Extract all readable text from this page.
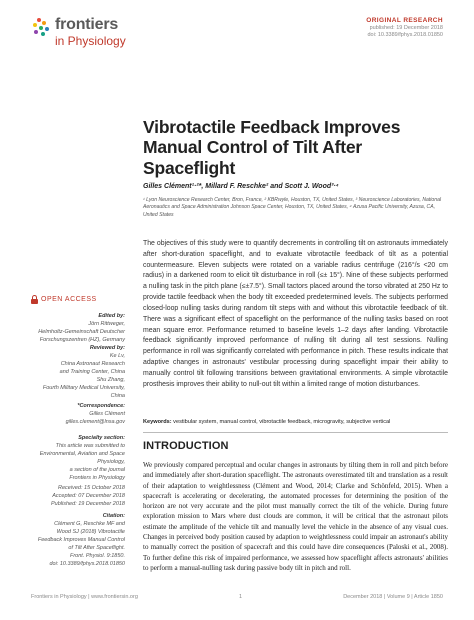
frontiers
in Physiology
ORIGINAL RESEARCH
published: 19 December 2018
doi: 10.3389/fphys.2018.01850
Vibrotactile Feedback Improves Manual Control of Tilt After Spaceflight
Gilles Clément¹·²*, Millard F. Reschke² and Scott J. Wood³·⁴
¹ Lyon Neuroscience Research Center, Bron, France, ² KBRwyle, Houston, TX, United States, ³ Neuroscience Laboratories, National Aeronautics and Space Administration Johnson Space Center, Houston, TX, United States, ⁴ Azusa Pacific University, Azusa, CA, United States

The objectives of this study were to quantify decrements in controlling tilt on astronauts immediately after short-duration spaceflight, and to evaluate vibrotactile feedback of tilt as a potential countermeasure. Eleven subjects were rotated on a variable radius centrifuge (216°/s <20 cm radius) in a darkened room to elicit tilt disturbance in roll (≤± 15°). Nine of these subjects performed a nulling task in the pitch plane (≤±7.5°). Small tactors placed around the torso vibrated at 250 Hz to provide tactile feedback when the body tilt exceeded predetermined levels. The subjects performed closed-loop nulling tasks during random tilt steps with and without this vibrotactile feedback of tilt. There was a significant effect of spaceflight on the performance of the nulling tasks based on root mean square error. Performance returned to baseline levels 1–2 days after landing. Vibrotactile feedback significantly improved performance of nulling tilt during all test sessions. Nulling performance in roll was significantly correlated with performance in pitch. These results indicate that adaptive changes in astronauts' vestibular processing during spaceflight impair their ability to manually control tilt following transitions between gravitational environments. A simple vibrotactile prosthesis improves their ability to null-out tilt within a limited range of motion disturbances.

Keywords: vestibular system, manual control, vibrotactile feedback, microgravity, subjective vertical
INTRODUCTION

We previously compared perceptual and ocular changes in astronauts by tilting them in roll and pitch before and immediately after short-duration spaceflight. The astronauts overestimated tilt and translation as a result of their adaptation to weightlessness (Clément and Wood, 2014; Clarke and Schönfeld, 2015). When a spacecraft is accelerating or decelerating, the automated processes for determining the position of the horizon are not very accurate and the pilot must manually correct the tilt of the vehicle. During future exploration mission to Mars where dust clouds are common, it will be critical that the astronaut pilots estimate the amplitude of the vehicle tilt and manually level the vehicle in the absence of any visual cues. Changes in perceived body position caused by adaption to weightlessness could impair an astronaut's ability to manually correct the position of spacecraft and this could have dire consequences (Paloski et al., 2008). To further define this risk of impaired performance, we assessed how spaceflight affects astronauts' abilities to perform a manual-nulling task during passive body tilt in pitch and roll.

OPEN ACCESS
Edited by:
Jörn Rittweger,
Helmholtz-Gemeinschaft Deutscher
Forschungszentren (HZ), Germany
Reviewed by:
Ke Lv,
China Astronaut Research
and Training Center, China
Shu Zhang,
Fourth Military Medical University,
China
*Correspondence:
Gilles Clément
gilles.clement@lnsa.gov
Specialty section:
This article was submitted to
Environmental, Aviation and Space
Physiology,
a section of the journal
Frontiers in Physiology
Received: 15 October 2018
Accepted: 07 December 2018
Published: 19 December 2018
Citation:
Clément G, Reschke MF and
Wood SJ (2018) Vibrotactile
Feedback Improves Manual Control
of Tilt After Spaceflight.
Front. Physiol. 9:1850.
doi: 10.3389/fphys.2018.01850
Frontiers in Physiology | www.frontiersin.org	1	December 2018 | Volume 9 | Article 1850
